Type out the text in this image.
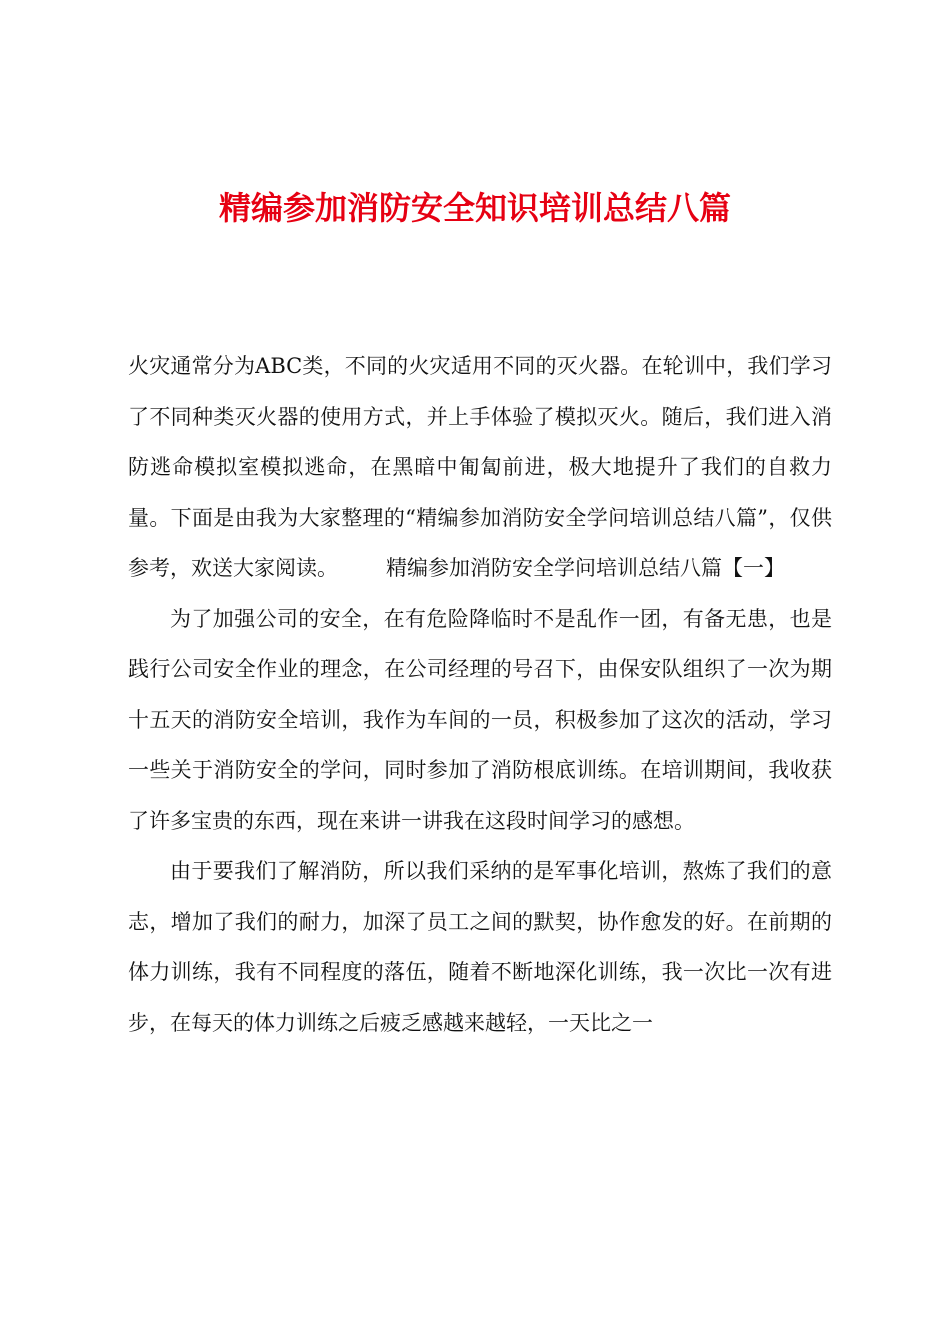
精编参加消防安全知识培训总结八篇

火灾通常分为ABC类，不同的火灾适用不同的灭火器。在轮训中，我们学习了不同种类灭火器的使用方式，并上手体验了模拟灭火。随后，我们进入消防逃命模拟室模拟逃命，在黑暗中匍匐前进，极大地提升了我们的自救力量。下面是由我为大家整理的“精编参加消防安全学问培训总结八篇”，仅供参考，欢送大家阅读。 精编参加消防安全学问培训总结八篇【一】

为了加强公司的安全，在有危险降临时不是乱作一团，有备无患，也是践行公司安全作业的理念，在公司经理的号召下，由保安队组织了一次为期十五天的消防安全培训，我作为车间的一员，积极参加了这次的活动，学习一些关于消防安全的学问，同时参加了消防根底训练。在培训期间，我收获了许多宝贵的东西，现在来讲一讲我在这段时间学习的感想。

由于要我们了解消防，所以我们采纳的是军事化培训，熬炼了我们的意志，增加了我们的耐力，加深了员工之间的默契，协作愈发的好。在前期的体力训练，我有不同程度的落伍，随着不断地深化训练，我一次比一次有进步，在每天的体力训练之后疲乏感越来越轻，一天比之一
